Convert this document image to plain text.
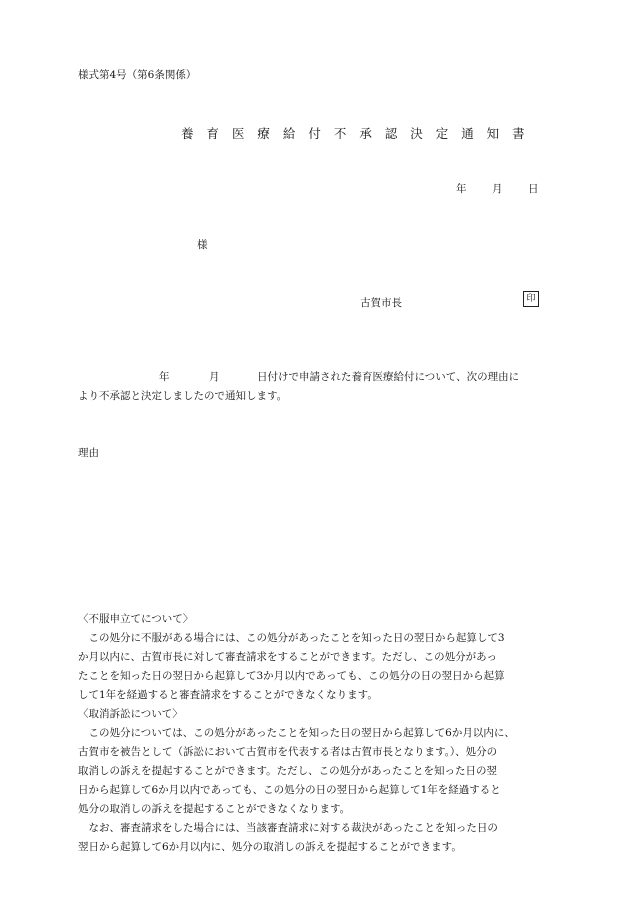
様式第4号（第6条関係）
養 育 医 療 給 付 不 承 認 決 定 通 知 書
年 月 日
様
古賀市長	印
年	月	日付けで申請された養育医療給付について、次の理由に
より不承認と決定しましたので通知します。
理由
〈不服申立てについて〉
　この処分に不服がある場合には、この処分があったことを知った日の翌日から起算して3
か月以内に、古賀市長に対して審査請求をすることができます。ただし、この処分があっ
たことを知った日の翌日から起算して3か月以内であっても、この処分の日の翌日から起算
して1年を経過すると審査請求をすることができなくなります。
〈取消訴訟について〉
　この処分については、この処分があったことを知った日の翌日から起算して6か月以内に、
古賀市を被告として（訴訟において古賀市を代表する者は古賀市長となります。）、処分の
取消しの訴えを提起することができます。ただし、この処分があったことを知った日の翌
日から起算して6か月以内であっても、この処分の日の翌日から起算して1年を経過すると
処分の取消しの訴えを提起することができなくなります。
　なお、審査請求をした場合には、当該審査請求に対する裁決があったことを知った日の
翌日から起算して6か月以内に、処分の取消しの訴えを提起することができます。
